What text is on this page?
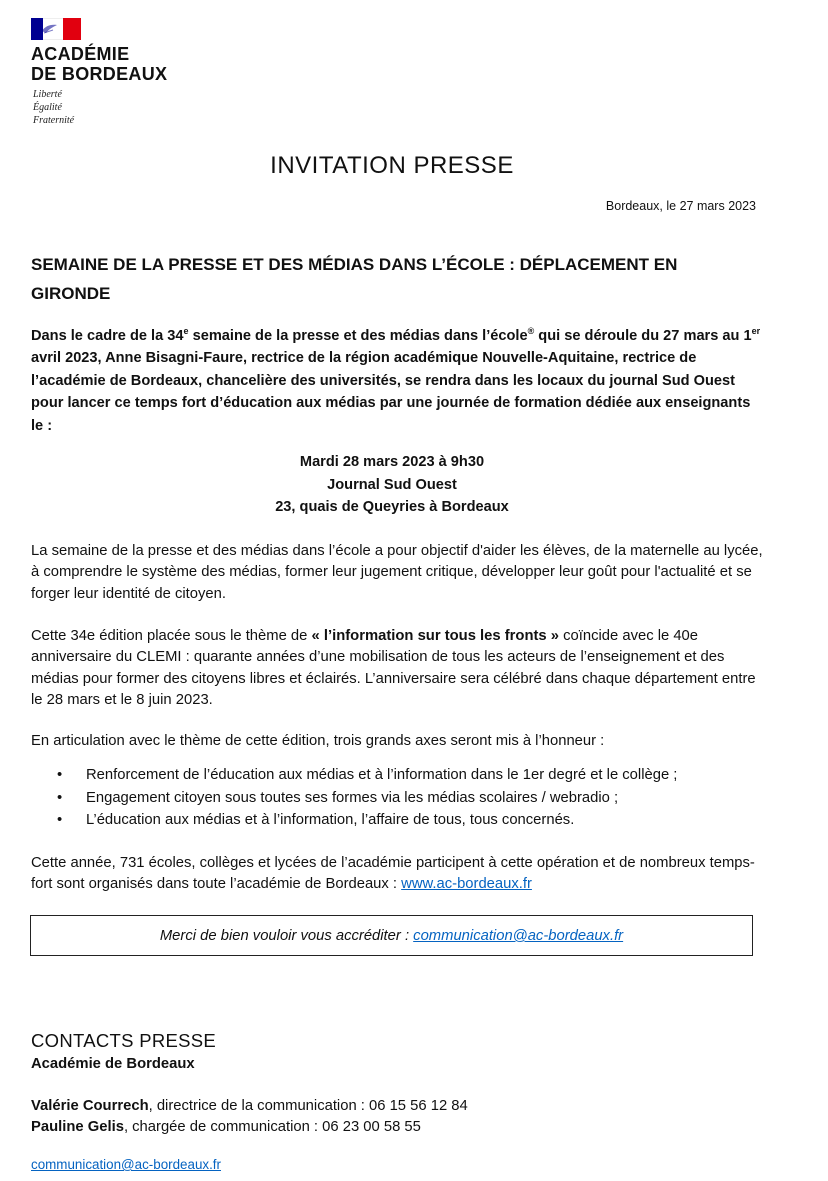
ACADÉMIE
DE BORDEAUX
Liberté
Égalité
Fraternité
INVITATION PRESSE
Bordeaux, le 27 mars 2023
SEMAINE DE LA PRESSE ET DES MÉDIAS DANS L’ÉCOLE : DÉPLACEMENT EN GIRONDE
Dans le cadre de la 34e semaine de la presse et des médias dans l’école® qui se déroule du 27 mars au 1er avril 2023, Anne Bisagni-Faure, rectrice de la région académique Nouvelle-Aquitaine, rectrice de l’académie de Bordeaux, chancelière des universités, se rendra dans les locaux du journal Sud Ouest pour lancer ce temps fort d’éducation aux médias par une journée de formation dédiée aux enseignants le :
Mardi 28 mars 2023 à 9h30
Journal Sud Ouest
23, quais de Queyries à Bordeaux
La semaine de la presse et des médias dans l’école a pour objectif d'aider les élèves, de la maternelle au lycée, à comprendre le système des médias, former leur jugement critique, développer leur goût pour l'actualité et se forger leur identité de citoyen.
Cette 34e édition placée sous le thème de « l’information sur tous les fronts » coïncide avec le 40e anniversaire du CLEMI : quarante années d’une mobilisation de tous les acteurs de l’enseignement et des médias pour former des citoyens libres et éclairés. L’anniversaire sera célébré dans chaque département entre le 28 mars et le 8 juin 2023.
En articulation avec le thème de cette édition, trois grands axes seront mis à l’honneur :
• Renforcement de l’éducation aux médias et à l’information dans le 1er degré et le collège ;
• Engagement citoyen sous toutes ses formes via les médias scolaires / webradio ;
• L’éducation aux médias et à l’information, l’affaire de tous, tous concernés.
Cette année, 731 écoles, collèges et lycées de l’académie participent à cette opération et de nombreux temps-fort sont organisés dans toute l’académie de Bordeaux : www.ac-bordeaux.fr
Merci de bien vouloir vous accréditer : communication@ac-bordeaux.fr
CONTACTS PRESSE
Académie de Bordeaux
Valérie Courrech, directrice de la communication : 06 15 56 12 84
Pauline Gelis, chargée de communication : 06 23 00 58 55
communication@ac-bordeaux.fr
